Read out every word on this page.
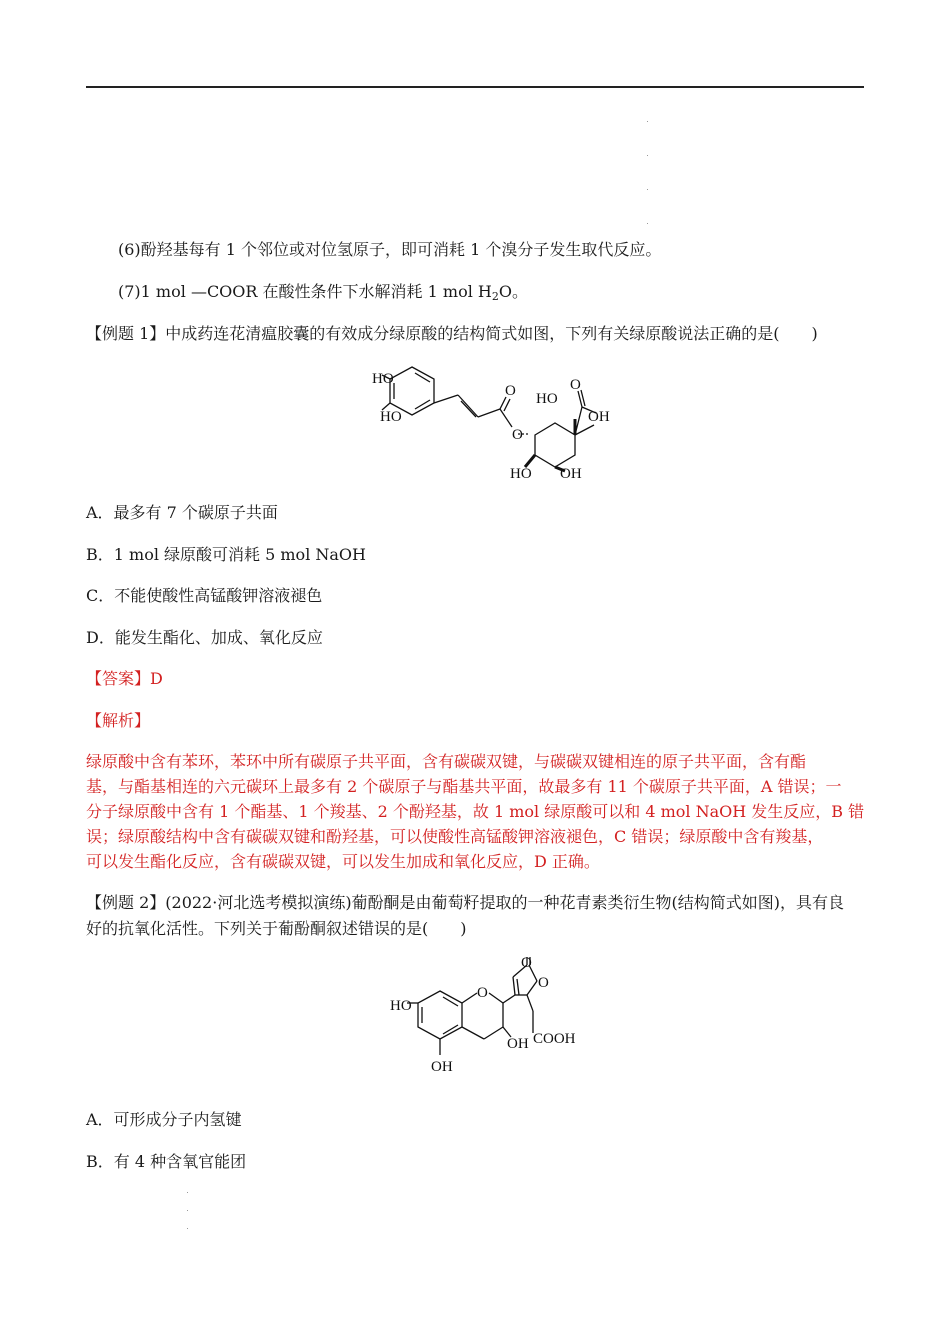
(6)酚羟基每有 1 个邻位或对位氢原子，即可消耗 1 个溴分子发生取代反应。
(7)1 mol —COOR 在酸性条件下水解消耗 1 mol $H_2O$。
【例题 1】中成药连花清瘟胶囊的有效成分绿原酸的结构简式如图，下列有关绿原酸说法正确的是(　　)
HO
HO
O
O
HO
O
OH
HO OH
A．最多有 7 个碳原子共面
B．1 mol 绿原酸可消耗 5 mol NaOH
C．不能使酸性高锰酸钾溶液褪色
D．能发生酯化、加成、氧化反应
【答案】D
【解析】
绿原酸中含有苯环，苯环中所有碳原子共平面，含有碳碳双键，与碳碳双键相连的原子共平面，含有酯
基，与酯基相连的六元碳环上最多有 2 个碳原子与酯基共平面，故最多有 11 个碳原子共平面，A 错误；一
分子绿原酸中含有 1 个酯基、1 个羧基、2 个酚羟基，故 1 mol 绿原酸可以和 4 mol NaOH 发生反应，B 错
误；绿原酸结构中含有碳碳双键和酚羟基，可以使酸性高锰酸钾溶液褪色，C 错误；绿原酸中含有羧基，
可以发生酯化反应，含有碳碳双键，可以发生加成和氧化反应，D 正确。
【例题 2】(2022·河北选考模拟演练)葡酚酮是由葡萄籽提取的一种花青素类衍生物(结构简式如图)，具有良
好的抗氧化活性。下列关于葡酚酮叙述错误的是(　　)
HO
O
O
O
OH COOH
OH
A．可形成分子内氢键
B．有 4 种含氧官能团
